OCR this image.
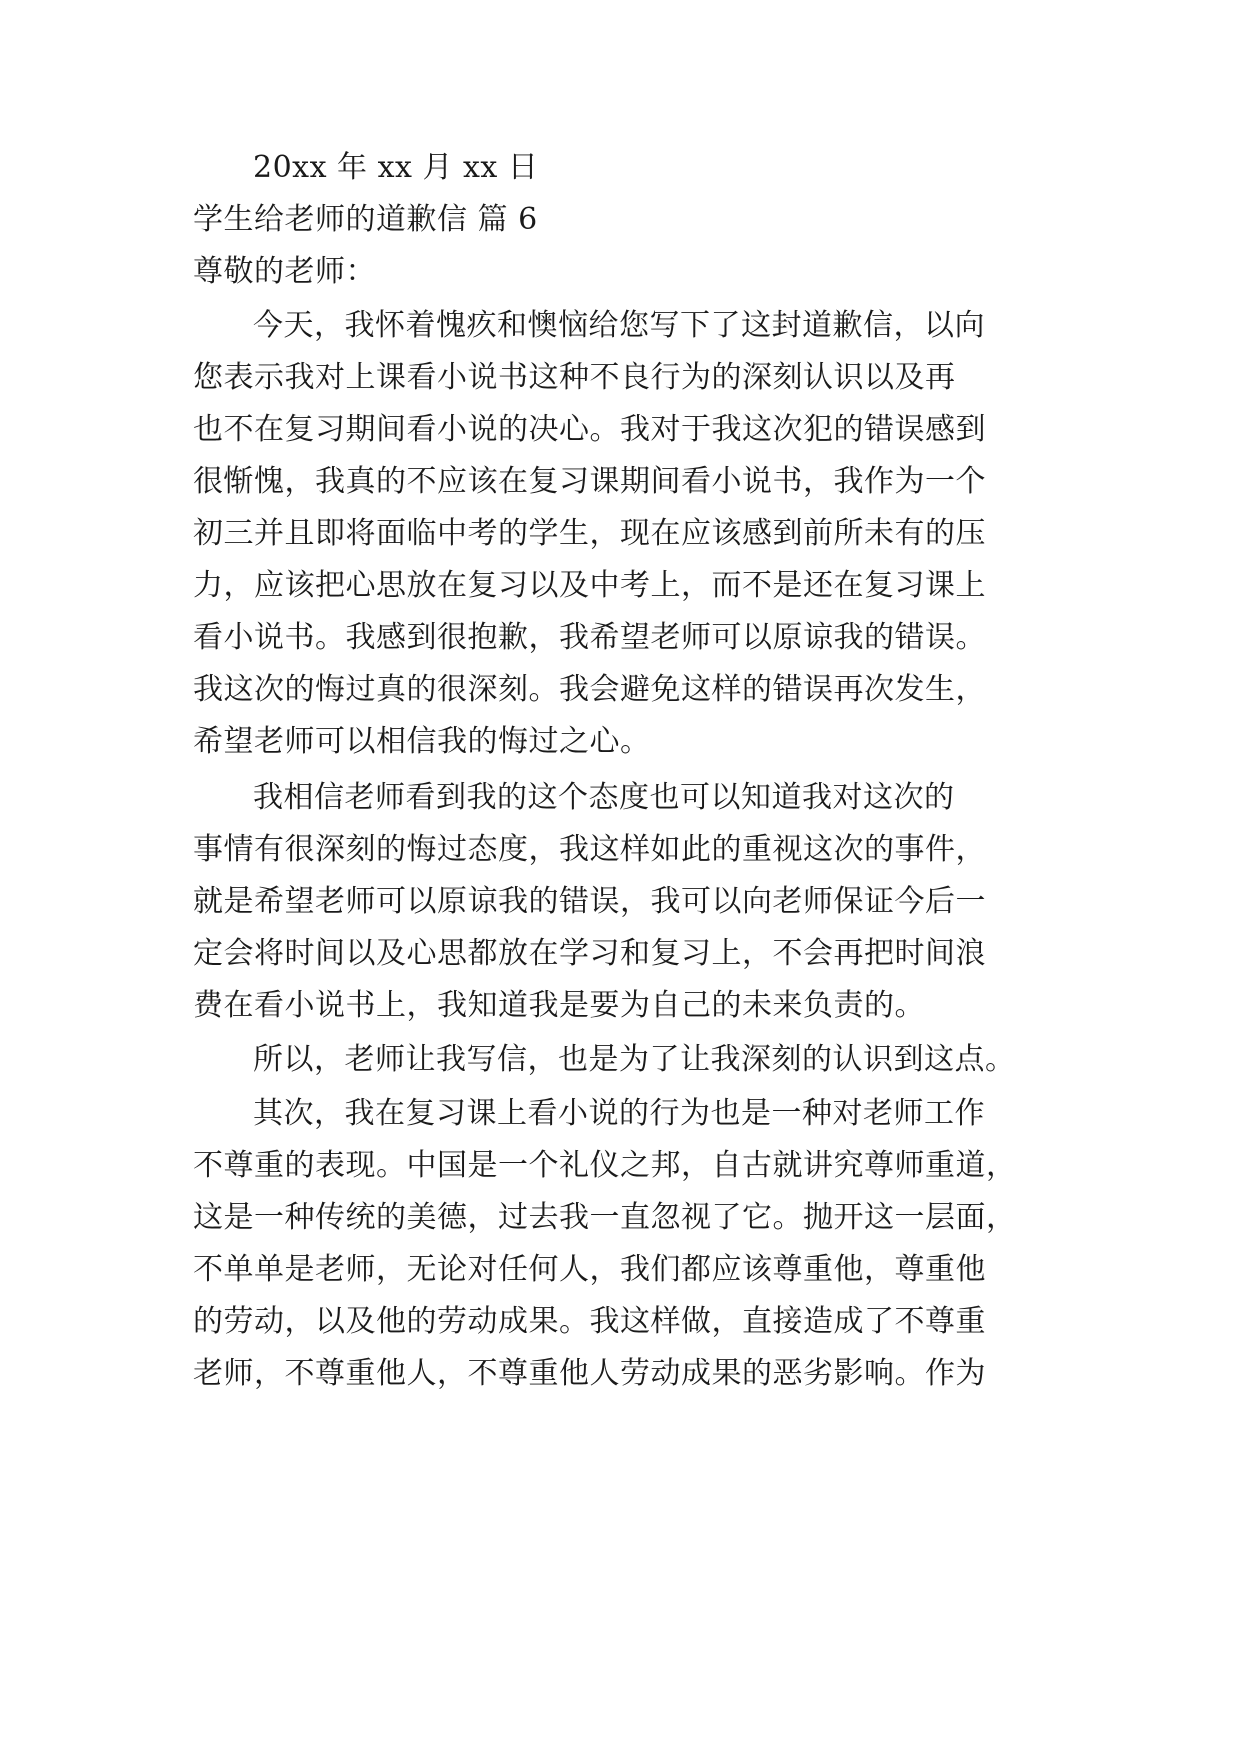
20xx 年 xx 月 xx 日
学生给老师的道歉信 篇 6
尊敬的老师：
今天，我怀着愧疚和懊恼给您写下了这封道歉信，以向
您表示我对上课看小说书这种不良行为的深刻认识以及再
也不在复习期间看小说的决心。我对于我这次犯的错误感到
很惭愧，我真的不应该在复习课期间看小说书，我作为一个
初三并且即将面临中考的学生，现在应该感到前所未有的压
力，应该把心思放在复习以及中考上，而不是还在复习课上
看小说书。我感到很抱歉，我希望老师可以原谅我的错误。
我这次的悔过真的很深刻。我会避免这样的错误再次发生，
希望老师可以相信我的悔过之心。
我相信老师看到我的这个态度也可以知道我对这次的
事情有很深刻的悔过态度，我这样如此的重视这次的事件，
就是希望老师可以原谅我的错误，我可以向老师保证今后一
定会将时间以及心思都放在学习和复习上，不会再把时间浪
费在看小说书上，我知道我是要为自己的未来负责的。
所以，老师让我写信，也是为了让我深刻的认识到这点。
其次，我在复习课上看小说的行为也是一种对老师工作
不尊重的表现。中国是一个礼仪之邦，自古就讲究尊师重道，
这是一种传统的美德，过去我一直忽视了它。抛开这一层面，
不单单是老师，无论对任何人，我们都应该尊重他，尊重他
的劳动，以及他的劳动成果。我这样做，直接造成了不尊重
老师，不尊重他人，不尊重他人劳动成果的恶劣影响。作为
